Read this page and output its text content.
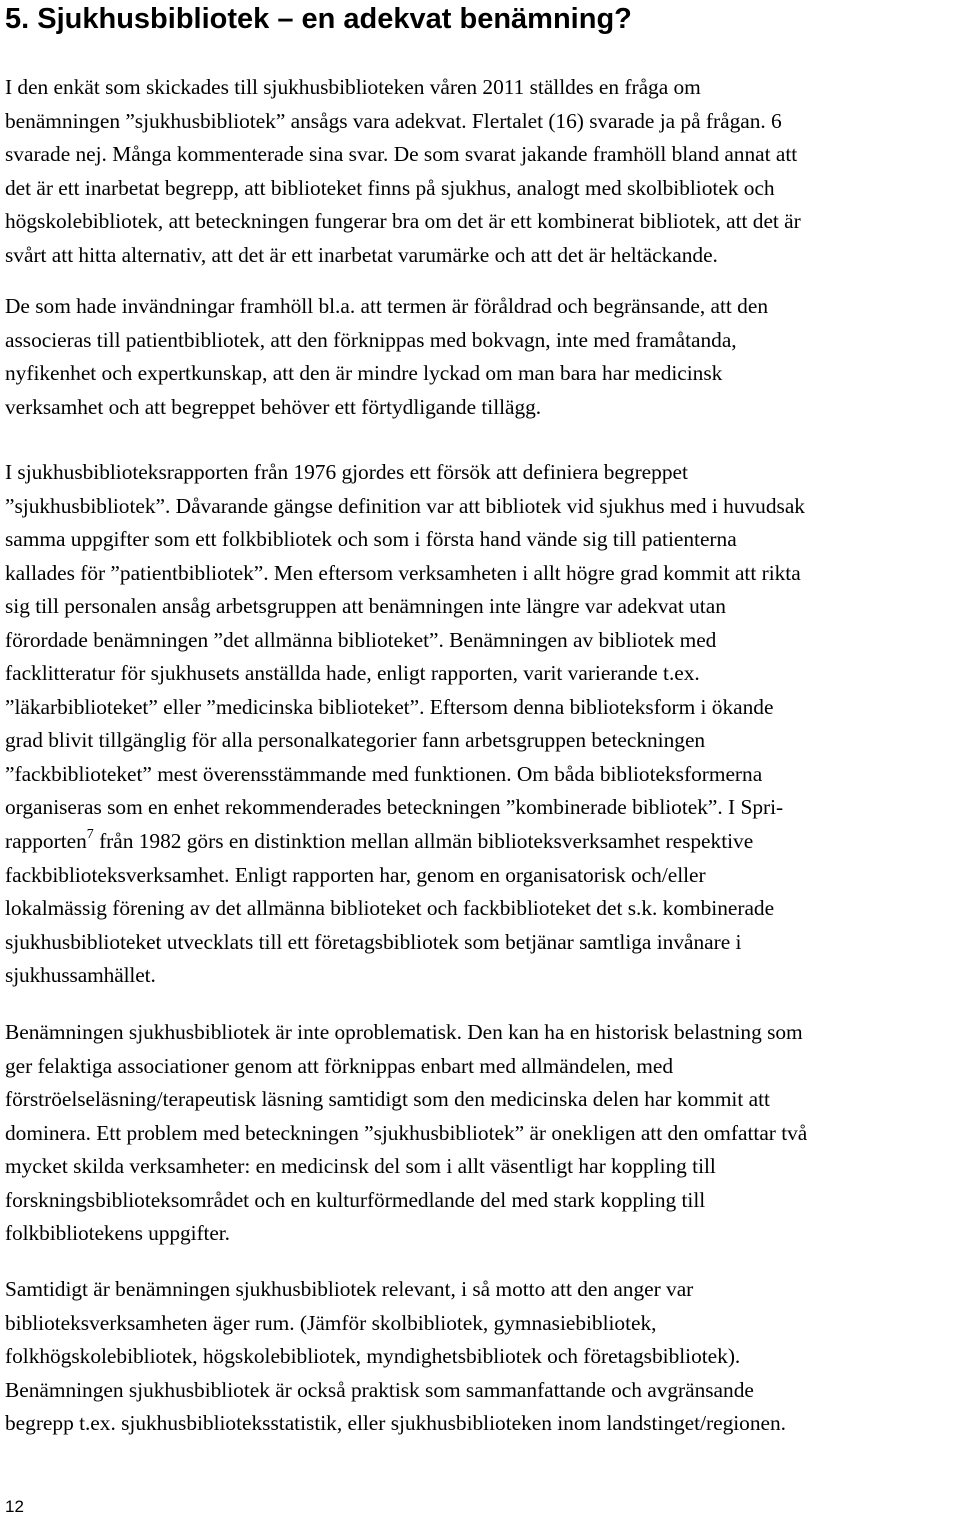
5. Sjukhusbibliotek – en adekvat benämning?

I den enkät som skickades till sjukhusbiblioteken våren 2011 ställdes en fråga om
benämningen ”sjukhusbibliotek” ansågs vara adekvat. Flertalet (16) svarade ja på frågan. 6
svarade nej. Många kommenterade sina svar. De som svarat jakande framhöll bland annat att
det är ett inarbetat begrepp, att biblioteket finns på sjukhus, analogt med skolbibliotek och
högskolebibliotek, att beteckningen fungerar bra om det är ett kombinerat bibliotek, att det är
svårt att hitta alternativ, att det är ett inarbetat varumärke och att det är heltäckande.

De som hade invändningar framhöll bl.a. att termen är föråldrad och begränsande, att den
associeras till patientbibliotek, att den förknippas med bokvagn, inte med framåtanda,
nyfikenhet och expertkunskap, att den är mindre lyckad om man bara har medicinsk
verksamhet och att begreppet behöver ett förtydligande tillägg.

I sjukhusbiblioteksrapporten från 1976 gjordes ett försök att definiera begreppet
”sjukhusbibliotek”. Dåvarande gängse definition var att bibliotek vid sjukhus med i huvudsak
samma uppgifter som ett folkbibliotek och som i första hand vände sig till patienterna
kallades för ”patientbibliotek”. Men eftersom verksamheten i allt högre grad kommit att rikta
sig till personalen ansåg arbetsgruppen att benämningen inte längre var adekvat utan
förordade benämningen ”det allmänna biblioteket”. Benämningen av bibliotek med
facklitteratur för sjukhusets anställda hade, enligt rapporten, varit varierande t.ex.
”läkarbiblioteket” eller ”medicinska biblioteket”. Eftersom denna biblioteksform i ökande
grad blivit tillgänglig för alla personalkategorier fann arbetsgruppen beteckningen
”fackbiblioteket” mest överensstämmande med funktionen. Om båda biblioteksformerna
organiseras som en enhet rekommenderades beteckningen ”kombinerade bibliotek”. I Spri-
rapporten$^7$ från 1982 görs en distinktion mellan allmän biblioteksverksamhet respektive
fackbiblioteksverksamhet. Enligt rapporten har, genom en organisatorisk och/eller
lokalmässig förening av det allmänna biblioteket och fackbiblioteket det s.k. kombinerade
sjukhusbiblioteket utvecklats till ett företagsbibliotek som betjänar samtliga invånare i
sjukhussamhället.

Benämningen sjukhusbibliotek är inte oproblematisk. Den kan ha en historisk belastning som
ger felaktiga associationer genom att förknippas enbart med allmändelen, med
förströelseläsning/terapeutisk läsning samtidigt som den medicinska delen har kommit att
dominera. Ett problem med beteckningen ”sjukhusbibliotek” är onekligen att den omfattar två
mycket skilda verksamheter: en medicinsk del som i allt väsentligt har koppling till
forskningsbiblioteksområdet och en kulturförmedlande del med stark koppling till
folkbibliotekens uppgifter.

Samtidigt är benämningen sjukhusbibliotek relevant, i så motto att den anger var
biblioteksverksamheten äger rum. (Jämför skolbibliotek, gymnasiebibliotek,
folkhögskolebibliotek, högskolebibliotek, myndighetsbibliotek och företagsbibliotek).
Benämningen sjukhusbibliotek är också praktisk som sammanfattande och avgränsande
begrepp t.ex. sjukhusbiblioteksstatistik, eller sjukhusbiblioteken inom landstinget/regionen.

12
